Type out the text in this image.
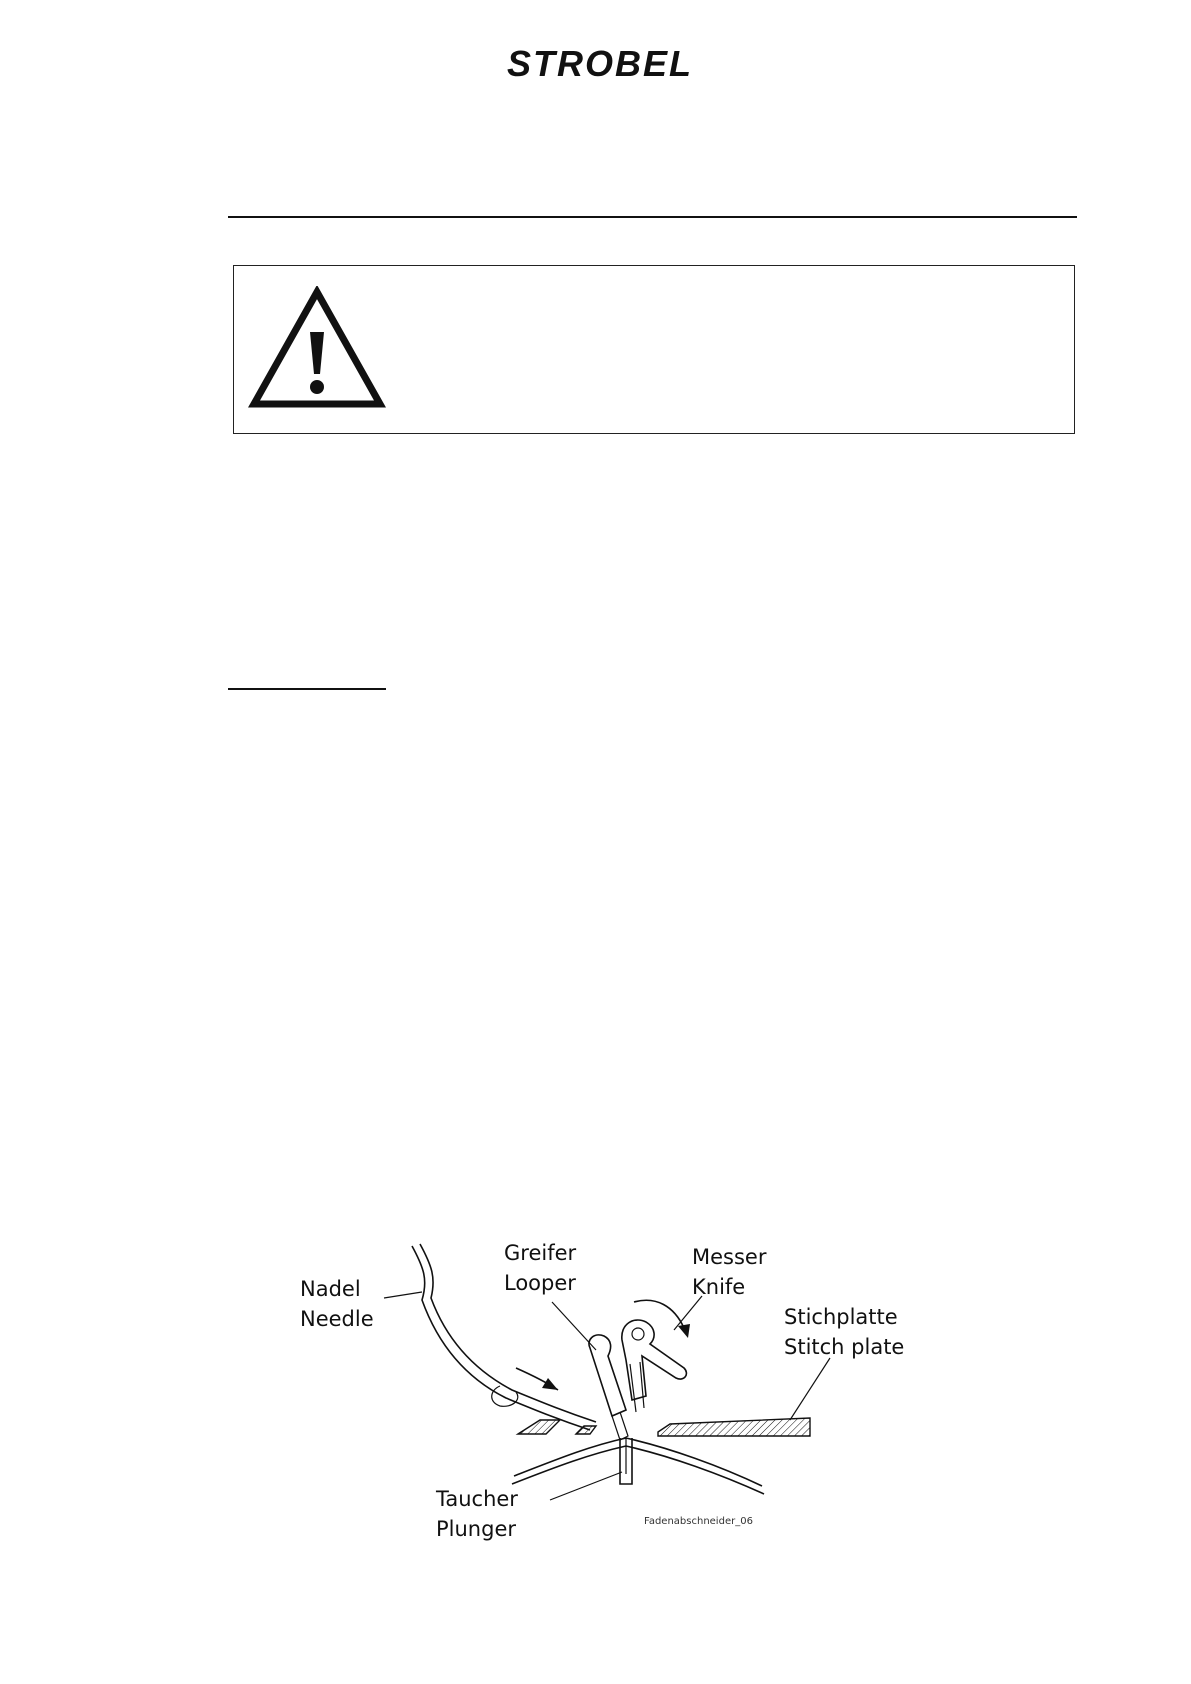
STROBEL
Nadel
Needle
Greifer
Looper
Messer
Knife
Stichplatte
Stitch plate
Taucher
Plunger	Fadenabschneider_06
